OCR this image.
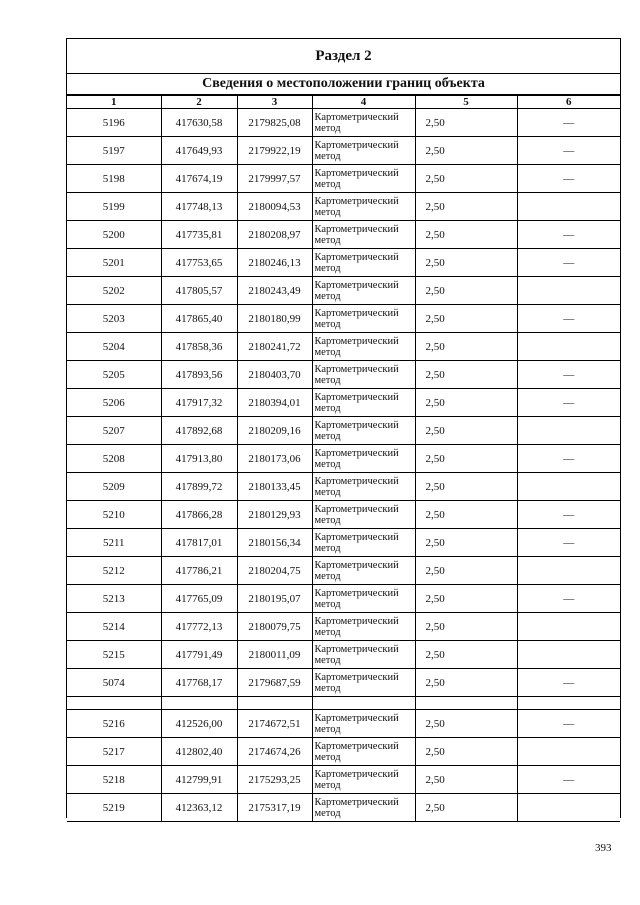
Раздел 2
Сведения о местоположении границ объекта
1	2	3	4	5	6
5196	417630,58	2179825,08	Картометрический метод	2,50	—
5197	417649,93	2179922,19	Картометрический метод	2,50	—
5198	417674,19	2179997,57	Картометрический метод	2,50	—
5199	417748,13	2180094,53	Картометрический метод	2,50	
5200	417735,81	2180208,97	Картометрический метод	2,50	—
5201	417753,65	2180246,13	Картометрический метод	2,50	—
5202	417805,57	2180243,49	Картометрический метод	2,50	
5203	417865,40	2180180,99	Картометрический метод	2,50	—
5204	417858,36	2180241,72	Картометрический метод	2,50	
5205	417893,56	2180403,70	Картометрический метод	2,50	—
5206	417917,32	2180394,01	Картометрический метод	2,50	—
5207	417892,68	2180209,16	Картометрический метод	2,50	
5208	417913,80	2180173,06	Картометрический метод	2,50	—
5209	417899,72	2180133,45	Картометрический метод	2,50	
5210	417866,28	2180129,93	Картометрический метод	2,50	—
5211	417817,01	2180156,34	Картометрический метод	2,50	—
5212	417786,21	2180204,75	Картометрический метод	2,50	
5213	417765,09	2180195,07	Картометрический метод	2,50	—
5214	417772,13	2180079,75	Картометрический метод	2,50	
5215	417791,49	2180011,09	Картометрический метод	2,50	
5074	417768,17	2179687,59	Картометрический метод	2,50	—

5216	412526,00	2174672,51	Картометрический метод	2,50	—
5217	412802,40	2174674,26	Картометрический метод	2,50	
5218	412799,91	2175293,25	Картометрический метод	2,50	—
5219	412363,12	2175317,19	Картометрический метод	2,50	
393
